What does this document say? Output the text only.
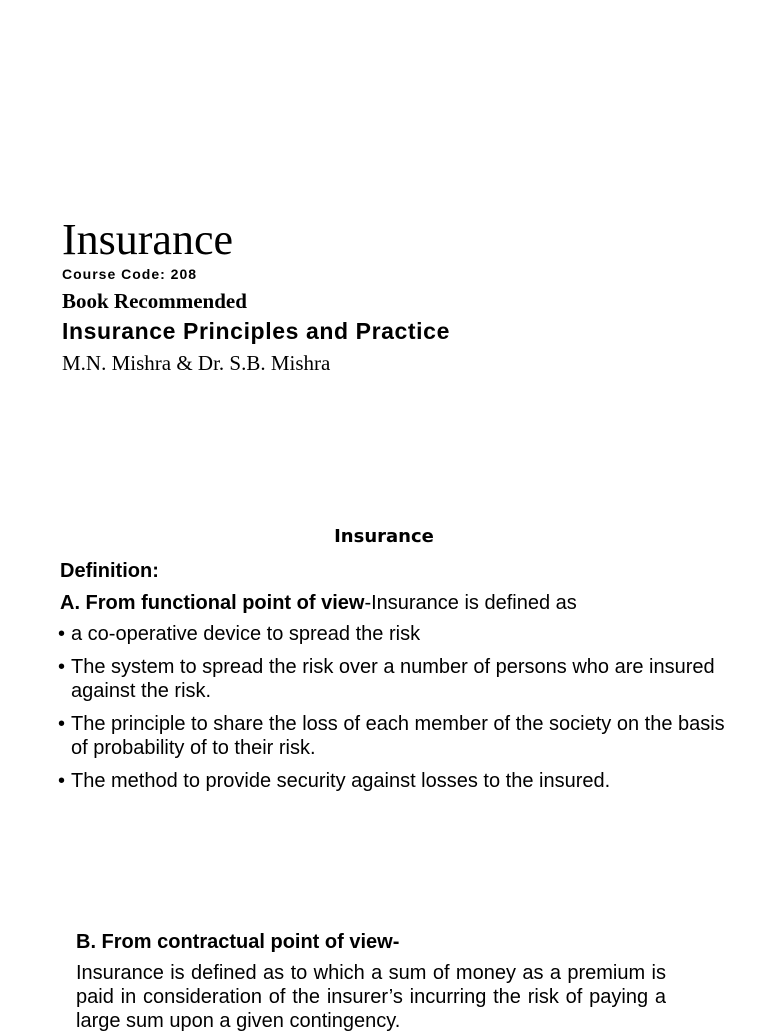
Insurance
Course Code: 208
Book Recommended
Insurance Principles and Practice
M.N. Mishra & Dr. S.B. Mishra
Insurance
Definition:
A. From functional point of view-Insurance is defined as
• a co-operative device to spread the risk
• The system to spread the risk over a number of persons who are insured against the risk.
• The principle to share the loss of each member of the society on the basis of probability of to their risk.
• The method to provide security against losses to the insured.
B. From contractual point of view-

Insurance is defined as to which a sum of money as a premium is paid in consideration of the insurer’s incurring the risk of paying a large sum upon a given contingency.
